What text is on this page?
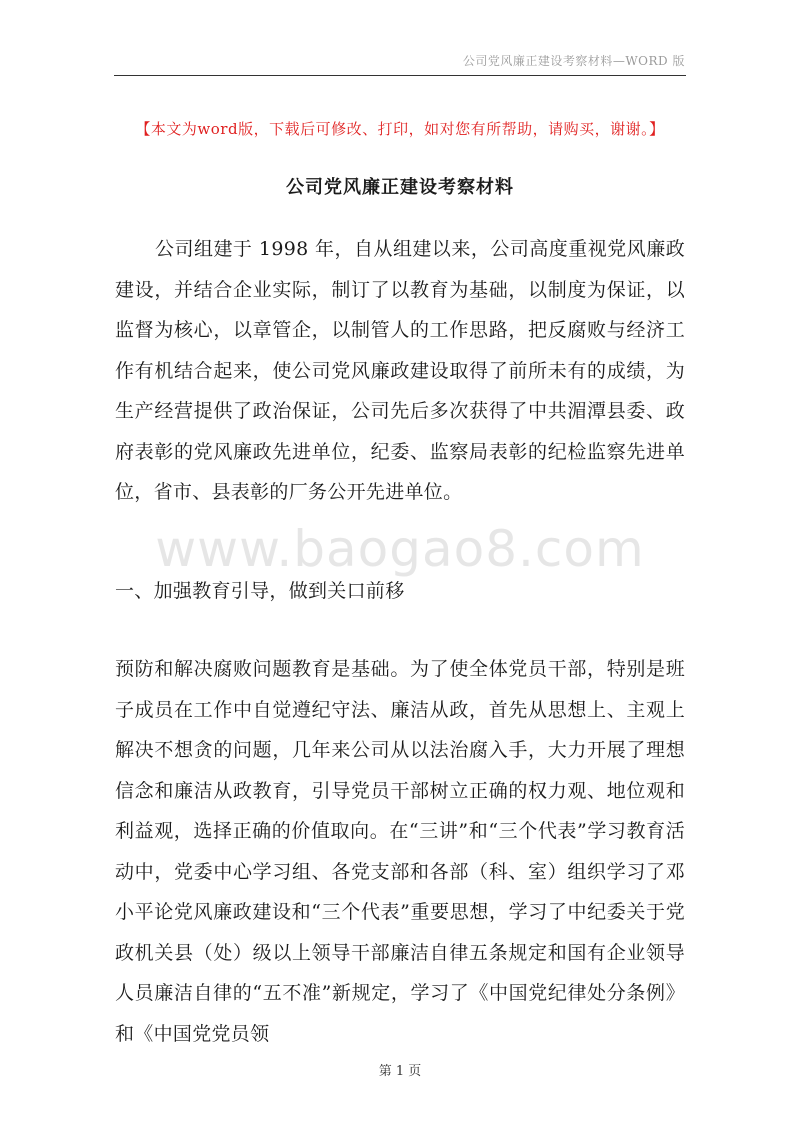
公司党风廉正建设考察材料—WORD 版
www.baogao8.com
【本文为word版，下载后可修改、打印，如对您有所帮助，请购买，谢谢。】
公司党风廉正建设考察材料
公司组建于 1998 年，自从组建以来，公司高度重视党风廉政建设，并结合企业实际，制订了以教育为基础，以制度为保证，以监督为核心，以章管企，以制管人的工作思路，把反腐败与经济工作有机结合起来，使公司党风廉政建设取得了前所未有的成绩，为生产经营提供了政治保证，公司先后多次获得了中共湄潭县委、政府表彰的党风廉政先进单位，纪委、监察局表彰的纪检监察先进单位，省市、县表彰的厂务公开先进单位。
一、加强教育引导，做到关口前移
预防和解决腐败问题教育是基础。为了使全体党员干部，特别是班子成员在工作中自觉遵纪守法、廉洁从政，首先从思想上、主观上解决不想贪的问题，几年来公司从以法治腐入手，大力开展了理想信念和廉洁从政教育，引导党员干部树立正确的权力观、地位观和利益观，选择正确的价值取向。在“三讲”和“三个代表”学习教育活动中，党委中心学习组、各党支部和各部（科、室）组织学习了邓小平论党风廉政建设和“三个代表”重要思想，学习了中纪委关于党政机关县（处）级以上领导干部廉洁自律五条规定和国有企业领导人员廉洁自律的“五不准”新规定，学习了《中国党纪律处分条例》和《中国党党员领
第 1 页
